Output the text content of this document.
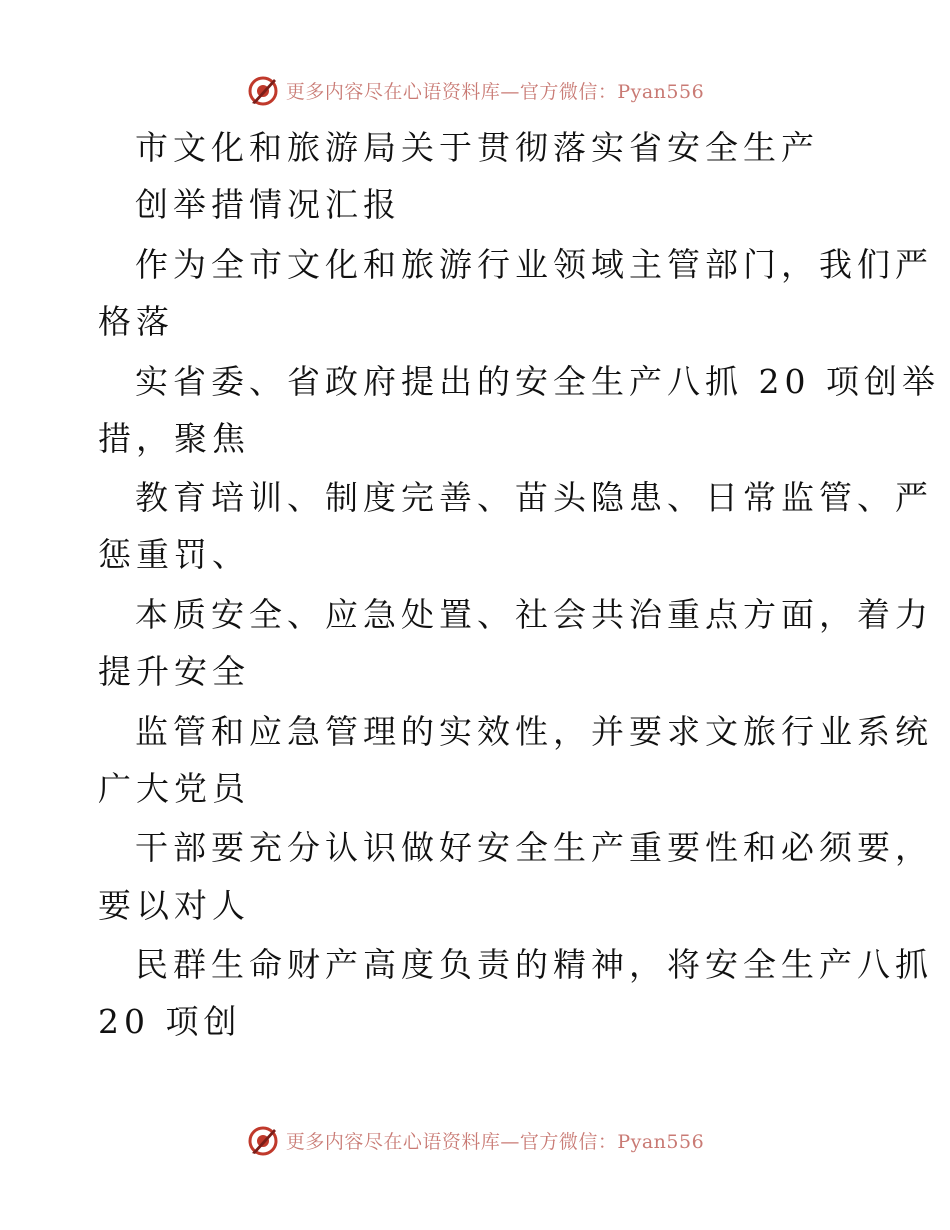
更多内容尽在心语资料库—官方微信：Pyan556
市文化和旅游局关于贯彻落实省安全生产
创举措情况汇报
作为全市文化和旅游行业领域主管部门，我们严
格落
实省委、省政府提出的安全生产八抓 20 项创举
措，聚焦
教育培训、制度完善、苗头隐患、日常监管、严
惩重罚、
本质安全、应急处置、社会共治重点方面，着力
提升安全
监管和应急管理的实效性，并要求文旅行业系统
广大党员
干部要充分认识做好安全生产重要性和必须要，
要以对人
民群生命财产高度负责的精神，将安全生产八抓
20 项创
更多内容尽在心语资料库—官方微信：Pyan556
